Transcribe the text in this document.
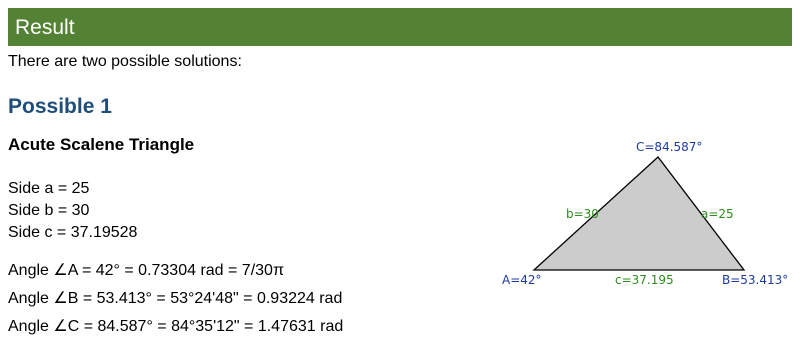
Result
There are two possible solutions:
Possible 1
Acute Scalene Triangle
Side a = 25
Side b = 30
Side c = 37.19528
Angle ∠A = 42° = 0.73304 rad = 7/30π
Angle ∠B = 53.413° = 53°24'48" = 0.93224 rad
Angle ∠C = 84.587° = 84°35'12" = 1.47631 rad
C=84.587°
A=42°	B=53.413°
b=30	a=25
c=37.195
